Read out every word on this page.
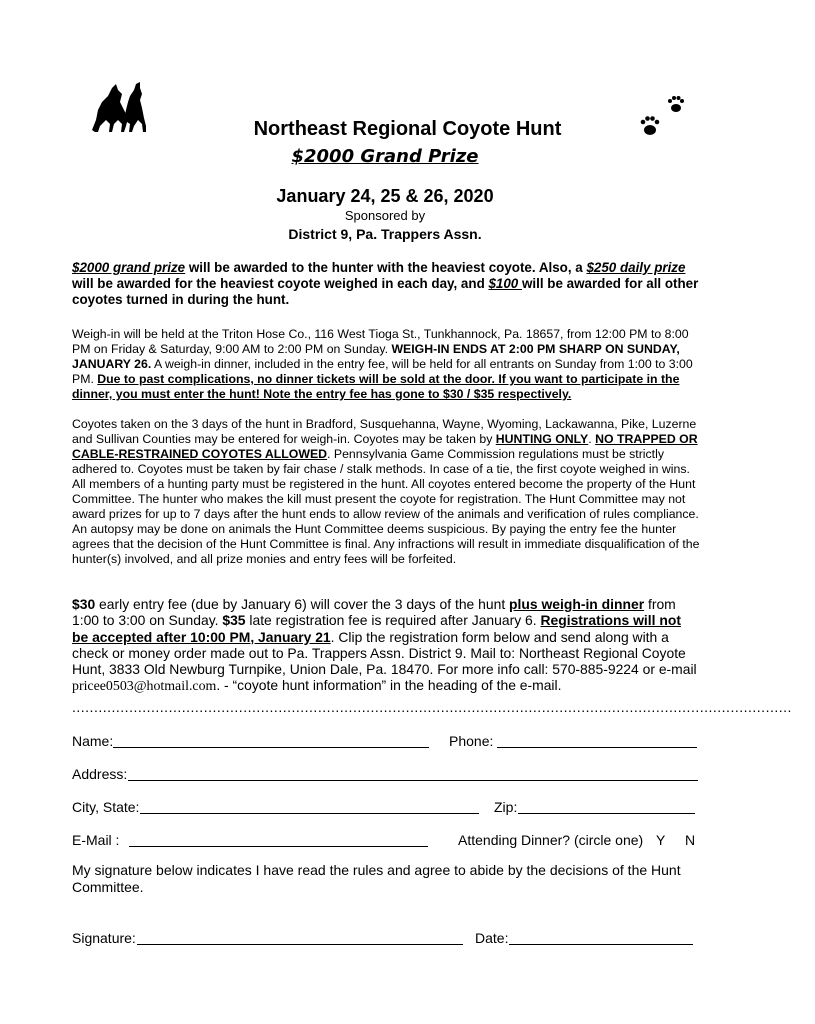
Northeast Regional Coyote Hunt
$2000 Grand Prize
January 24, 25 & 26, 2020
Sponsored by
District 9, Pa. Trappers Assn.
$2000 grand prize will be awarded to the hunter with the heaviest coyote. Also, a $250 daily prize will be awarded for the heaviest coyote weighed in each day, and $100 will be awarded for all other coyotes turned in during the hunt.
Weigh-in will be held at the Triton Hose Co., 116 West Tioga St., Tunkhannock, Pa. 18657, from 12:00 PM to 8:00 PM on Friday & Saturday, 9:00 AM to 2:00 PM on Sunday. WEIGH-IN ENDS AT 2:00 PM SHARP ON SUNDAY, JANUARY 26. A weigh-in dinner, included in the entry fee, will be held for all entrants on Sunday from 1:00 to 3:00 PM. Due to past complications, no dinner tickets will be sold at the door. If you want to participate in the dinner, you must enter the hunt! Note the entry fee has gone to $30 / $35 respectively.
Coyotes taken on the 3 days of the hunt in Bradford, Susquehanna, Wayne, Wyoming, Lackawanna, Pike, Luzerne and Sullivan Counties may be entered for weigh-in. Coyotes may be taken by HUNTING ONLY. NO TRAPPED OR CABLE-RESTRAINED COYOTES ALLOWED. Pennsylvania Game Commission regulations must be strictly adhered to. Coyotes must be taken by fair chase / stalk methods. In case of a tie, the first coyote weighed in wins. All members of a hunting party must be registered in the hunt. All coyotes entered become the property of the Hunt Committee. The hunter who makes the kill must present the coyote for registration. The Hunt Committee may not award prizes for up to 7 days after the hunt ends to allow review of the animals and verification of rules compliance. An autopsy may be done on animals the Hunt Committee deems suspicious. By paying the entry fee the hunter agrees that the decision of the Hunt Committee is final. Any infractions will result in immediate disqualification of the hunter(s) involved, and all prize monies and entry fees will be forfeited.
$30 early entry fee (due by January 6) will cover the 3 days of the hunt plus weigh-in dinner from 1:00 to 3:00 on Sunday. $35 late registration fee is required after January 6. Registrations will not be accepted after 10:00 PM, January 21. Clip the registration form below and send along with a check or money order made out to Pa. Trappers Assn. District 9. Mail to: Northeast Regional Coyote Hunt, 3833 Old Newburg Turnpike, Union Dale, Pa. 18470. For more info call: 570-885-9224 or e-mail pricee0503@hotmail.com. - “coyote hunt information” in the heading of the e-mail.
....................................................................................................................................................................
Name:	Phone:
Address:
City, State:	Zip:
E-Mail :	Attending Dinner? (circle one) Y N
My signature below indicates I have read the rules and agree to abide by the decisions of the Hunt Committee.
Signature:	Date:
